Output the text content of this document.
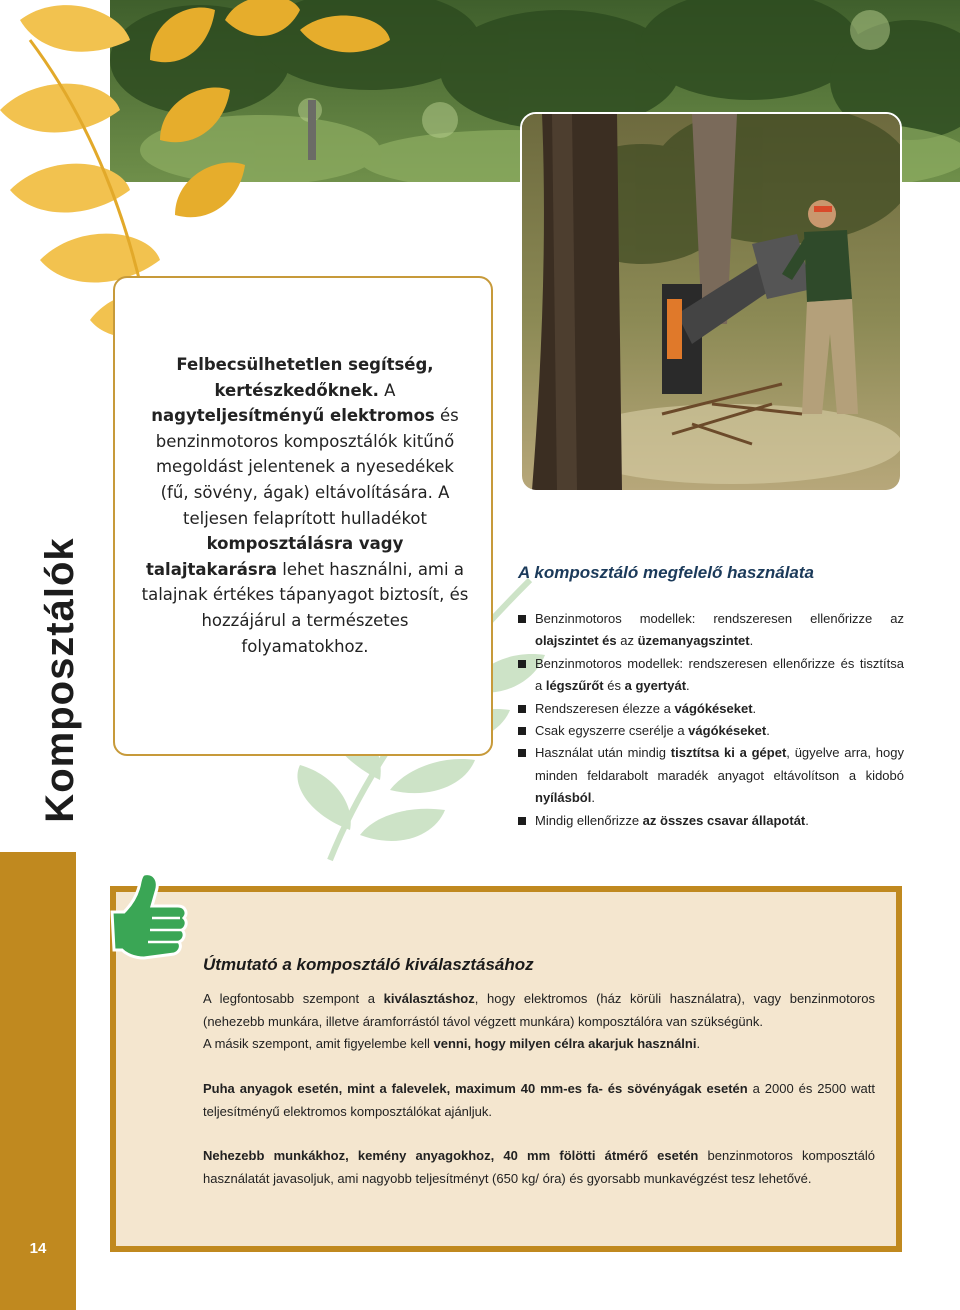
Komposztálók
14
Felbecsülhetetlen segítség, kertészkedőknek. A nagyteljesítményű elektromos és benzinmotoros komposztálók kitűnő megoldást jelentenek a nyesedékek (fű, sövény, ágak) eltávolítására. A teljesen felaprított hulladékot komposztálásra vagy talajtakarásra lehet használni, ami a talajnak értékes tápanyagot biztosít, és hozzájárul a természetes folyamatokhoz.
A komposztáló megfelelő használata
Benzinmotoros modellek: rendszeresen ellenőrizze az olajszintet és az üzemanyagszintet.
Benzinmotoros modellek: rendszeresen ellenőrizze és tisztítsa a légszűrőt és a gyertyát.
Rendszeresen élezze a vágókéseket.
Csak egyszerre cserélje a vágókéseket.
Használat után mindig tisztítsa ki a gépet, ügyelve arra, hogy minden feldarabolt maradék anyagot eltávolítson a kidobó nyílásból.
Mindig ellenőrizze az összes csavar állapotát.
Útmutató a komposztáló kiválasztásához

A legfontosabb szempont a kiválasztáshoz, hogy elektromos (ház körüli használatra), vagy benzinmotoros (nehezebb munkára, illetve áramforrástól távol végzett munkára) komposztálóra van szükségünk.
A másik szempont, amit figyelembe kell venni, hogy milyen célra akarjuk használni.

Puha anyagok esetén, mint a falevelek, maximum 40 mm-es fa- és sövényágak esetén a 2000 és 2500 watt teljesítményű elektromos komposztálókat ajánljuk.

Nehezebb munkákhoz, kemény anyagokhoz, 40 mm fölötti átmérő esetén benzinmotoros komposztáló használatát javasoljuk, ami nagyobb teljesítményt (650 kg/ óra) és gyorsabb munkavégzést tesz lehetővé.
